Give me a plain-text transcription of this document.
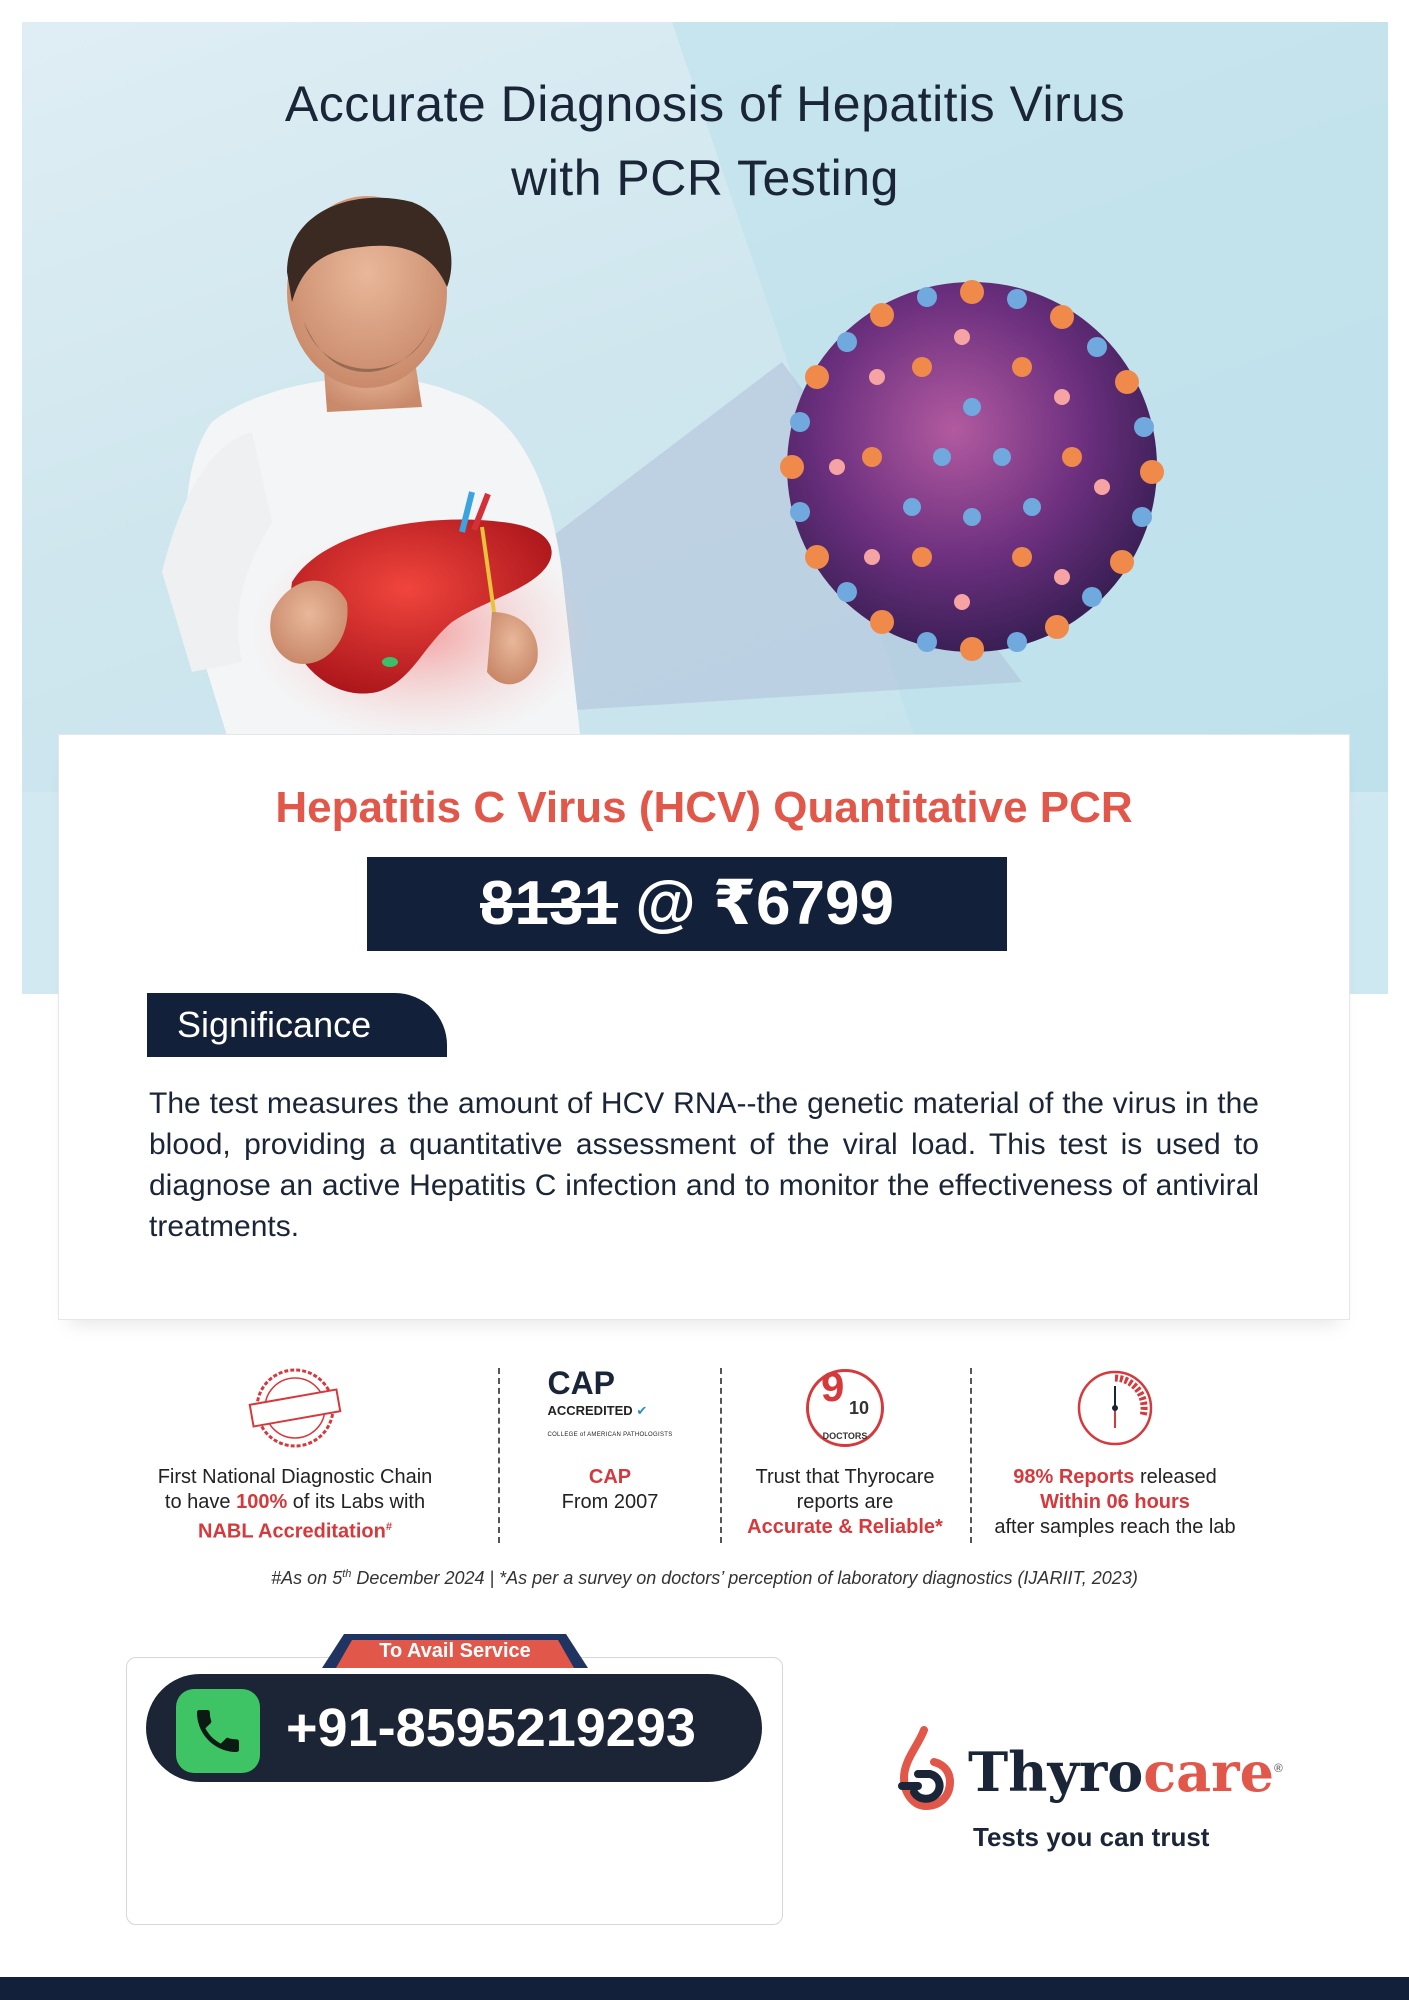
Accurate Diagnosis of Hepatitis Virus
with PCR Testing
Hepatitis C Virus (HCV) Quantitative PCR
8131 @ ₹6799
Significance
The test measures the amount of HCV RNA--the genetic material of the virus in the blood, providing a quantitative assessment of the viral load. This test is used to diagnose an active Hepatitis C infection and to monitor the effectiveness of antiviral treatments.
First National Diagnostic Chain
to have 100% of its Labs with
NABL Accreditation#
CAP
ACCREDITED ✔
COLLEGE of AMERICAN PATHOLOGISTS
CAP
From 2007
9 10
DOCTORS
Trust that Thyrocare
reports are
Accurate & Reliable*
98% Reports released
Within 06 hours
after samples reach the lab
#As on 5th December 2024 | *As per a survey on doctors’ perception of laboratory diagnostics (IJARIIT, 2023)
To Avail Service
+91-8595219293
Thyrocare®
Tests you can trust
